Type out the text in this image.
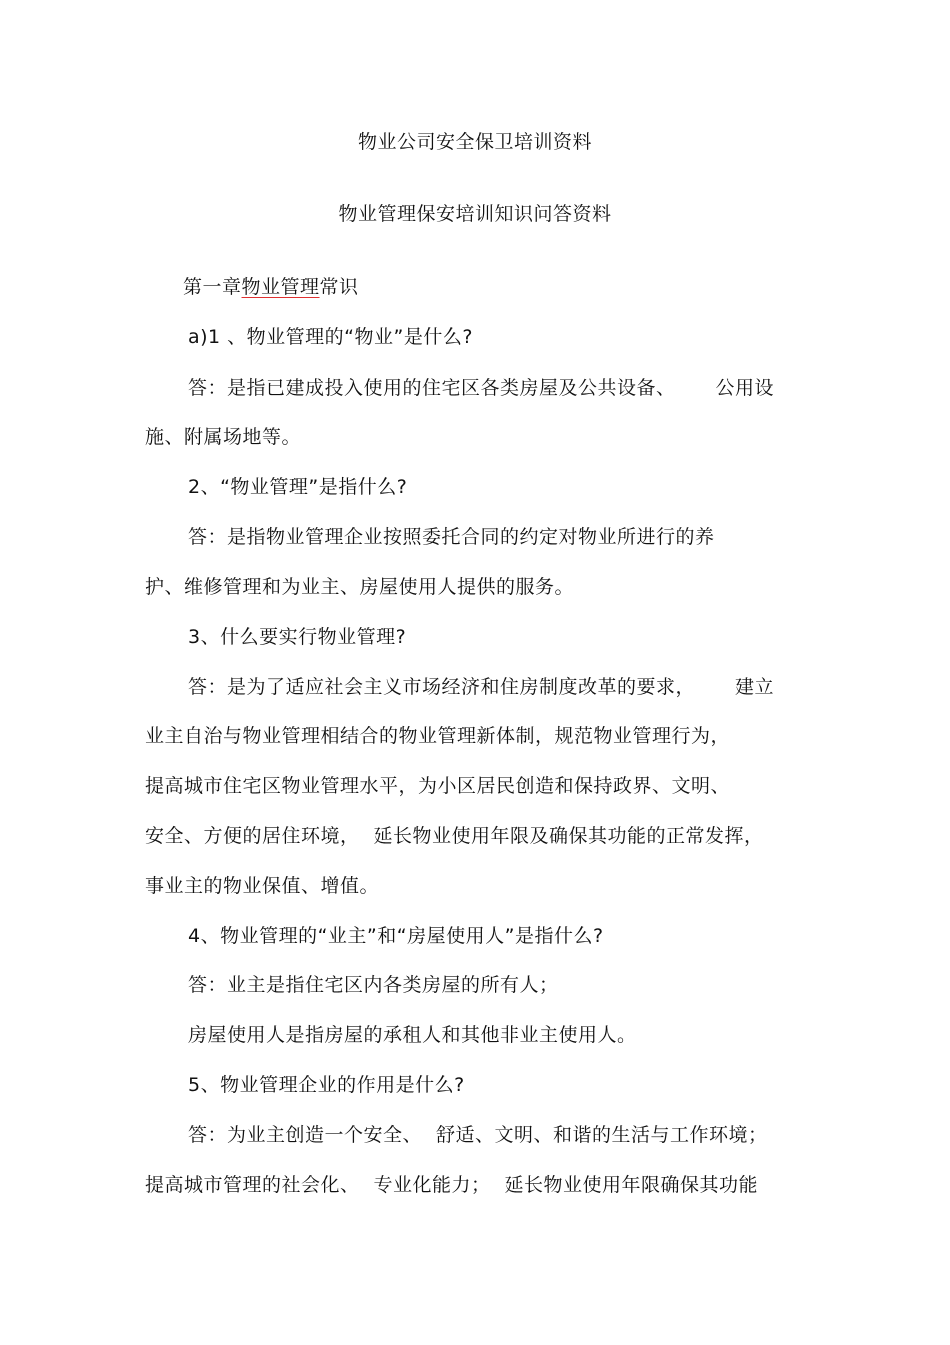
物业公司安全保卫培训资料
物业管理保安培训知识问答资料
第一章物业管理常识
a)1 、物业管理的“物业”是什么?
答：是指已建成投入使用的住宅区各类房屋及公共设备、 公用设
施、附属场地等。
2、“物业管理”是指什么?
答：是指物业管理企业按照委托合同的约定对物业所进行的养
护、维修管理和为业主、房屋使用人提供的服务。
3、什么要实行物业管理?
答：是为了适应社会主义市场经济和住房制度改革的要求， 建立
业主自治与物业管理相结合的物业管理新体制，规范物业管理行为，
提高城市住宅区物业管理水平，为小区居民创造和保持政界、文明、
安全、方便的居住环境， 延长物业使用年限及确保其功能的正常发挥，
事业主的物业保值、增值。
4、物业管理的“业主”和“房屋使用人”是指什么?
答：业主是指住宅区内各类房屋的所有人；
房屋使用人是指房屋的承租人和其他非业主使用人。
5、物业管理企业的作用是什么?
答：为业主创造一个安全、 舒适、文明、和谐的生活与工作环境；
提高城市管理的社会化、 专业化能力； 延长物业使用年限确保其功能
